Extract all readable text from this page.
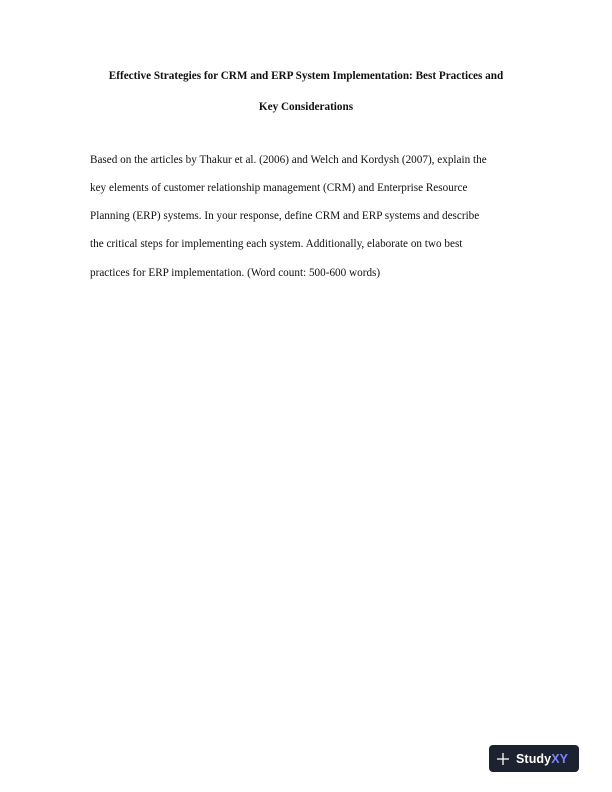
Effective Strategies for CRM and ERP System Implementation: Best Practices and

Key Considerations

Based on the articles by Thakur et al. (2006) and Welch and Kordysh (2007), explain the

key elements of customer relationship management (CRM) and Enterprise Resource

Planning (ERP) systems. In your response, define CRM and ERP systems and describe

the critical steps for implementing each system. Additionally, elaborate on two best

practices for ERP implementation. (Word count: 500-600 words)

Study XY
